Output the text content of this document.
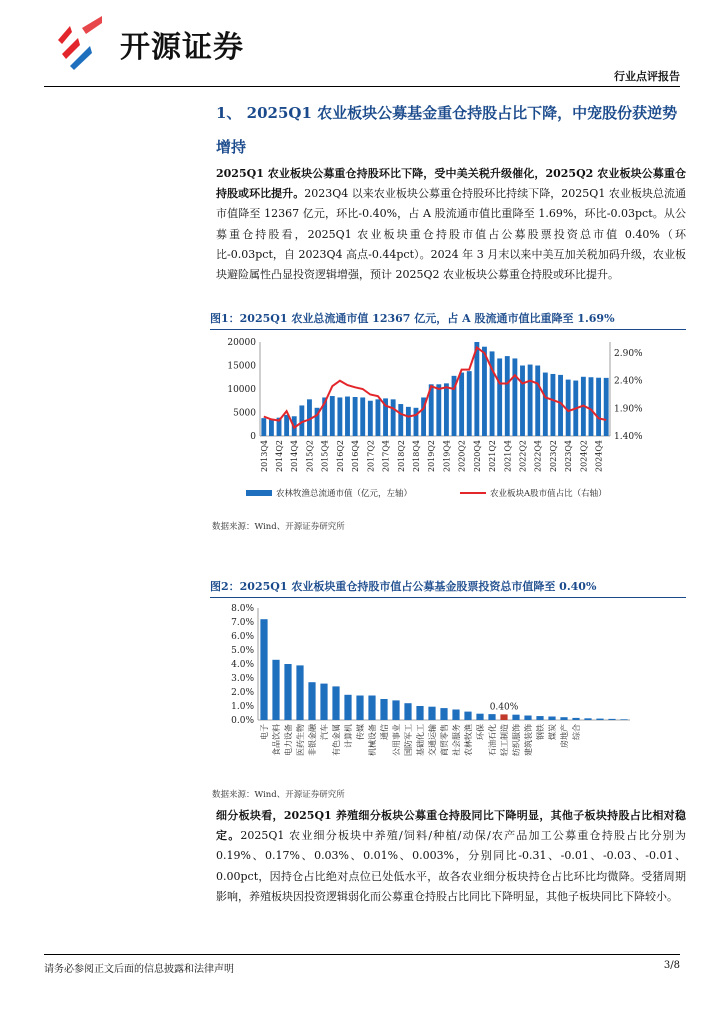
开源证券
行业点评报告
1、 2025Q1 农业板块公募基金重仓持股占比下降，中宠股份获逆势增持
2025Q1 农业板块公募重仓持股环比下降，受中美关税升级催化，2025Q2 农业板块公募重仓持股或环比提升。2023Q4 以来农业板块公募重仓持股环比持续下降，2025Q1 农业板块总流通市值降至 12367 亿元，环比-0.40%，占 A 股流通市值比重降至 1.69%，环比-0.03pct。从公募重仓持股看，2025Q1 农业板块重仓持股市值占公募股票投资总市值 0.40%（环比-0.03pct，自 2023Q4 高点-0.44pct）。2024 年 3 月末以来中美互加关税加码升级，农业板块避险属性凸显投资逻辑增强，预计 2025Q2 农业板块公募重仓持股或环比提升。
图1：2025Q1 农业总流通市值 12367 亿元，占 A 股流通市值比重降至 1.69%
0
5000
10000
15000
20000
1.40%
1.90%
2.40%
2.90%
2013Q4 2014Q2 2014Q4 2015Q2 2015Q4 2016Q2 2016Q4 2017Q2 2017Q4 2018Q2 2018Q4 2019Q2 2019Q4 2020Q2 2020Q4 2021Q2 2021Q4 2022Q2 2022Q4 2023Q2 2023Q4 2024Q2 2024Q4
农林牧渔总流通市值（亿元，左轴）	农业板块A股市值占比（右轴）
数据来源：Wind、开源证券研究所
图2：2025Q1 农业板块重仓持股市值占公募基金股票投资总市值降至 0.40%
0.0%
1.0%
2.0%
3.0%
4.0%
5.0%
6.0%
7.0%
8.0%
0.40%
电子 食品饮料 电力设备 医药生物 非银金融 汽车 有色金属 计算机 传媒 机械设备 通信 公用事业 国防军工 基础化工 交通运输 商贸零售 社会服务 农林牧渔 环保 石油石化 轻工制造 纺织服饰 建筑装饰 钢铁 煤炭 房地产 综合
数据来源：Wind、开源证券研究所
细分板块看，2025Q1 养殖细分板块公募重仓持股同比下降明显，其他子板块持股占比相对稳定。2025Q1 农业细分板块中养殖/饲料/种植/动保/农产品加工公募重仓持股占比分别为 0.19%、0.17%、0.03%、0.01%、0.003%，分别同比-0.31、-0.01、-0.03、-0.01、0.00pct，因持仓占比绝对点位已处低水平，故各农业细分板块持仓占比环比均微降。受猪周期影响，养殖板块因投资逻辑弱化而公募重仓持股占比同比下降明显，其他子板块同比下降较小。
请务必参阅正文后面的信息披露和法律声明	3/8
